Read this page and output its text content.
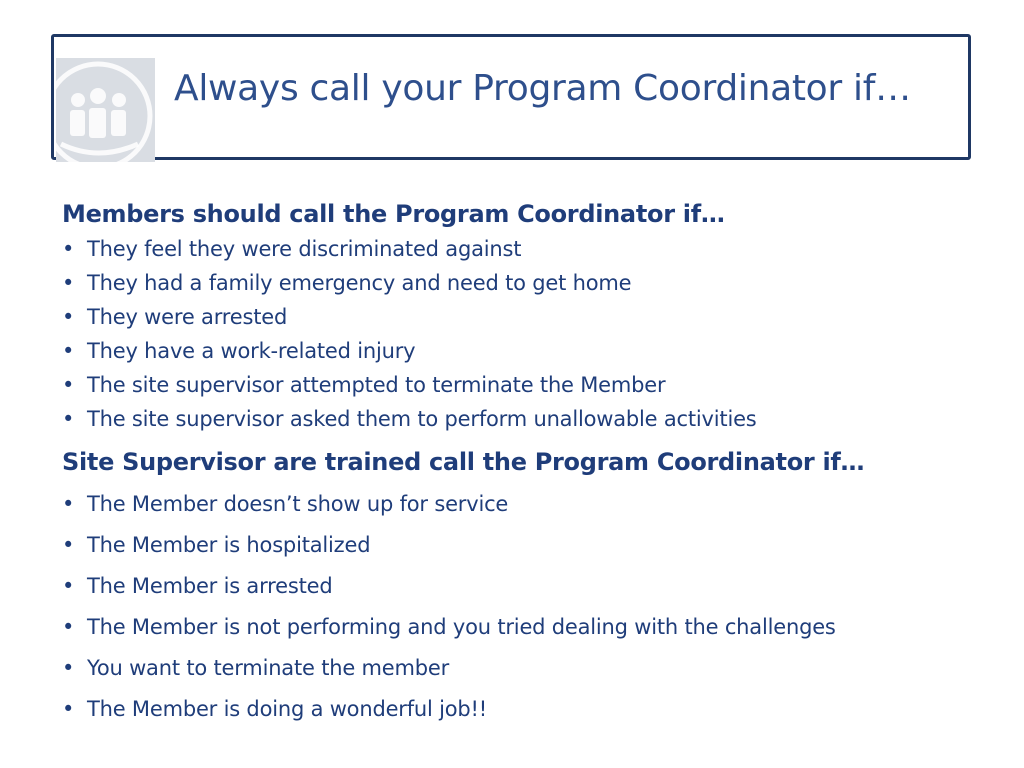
Always call your Program Coordinator if…
Members should call the Program Coordinator if…
• They feel they were discriminated against
• They had a family emergency and need to get home
• They were arrested
• They have a work-related injury
• The site supervisor attempted to terminate the Member
• The site supervisor asked them to perform unallowable activities
Site Supervisor are trained call the Program Coordinator if…
• The Member doesn’t show up for service
• The Member is hospitalized
• The Member is arrested
• The Member is not performing and you tried dealing with the challenges
• You want to terminate the member
• The Member is doing a wonderful job!!
